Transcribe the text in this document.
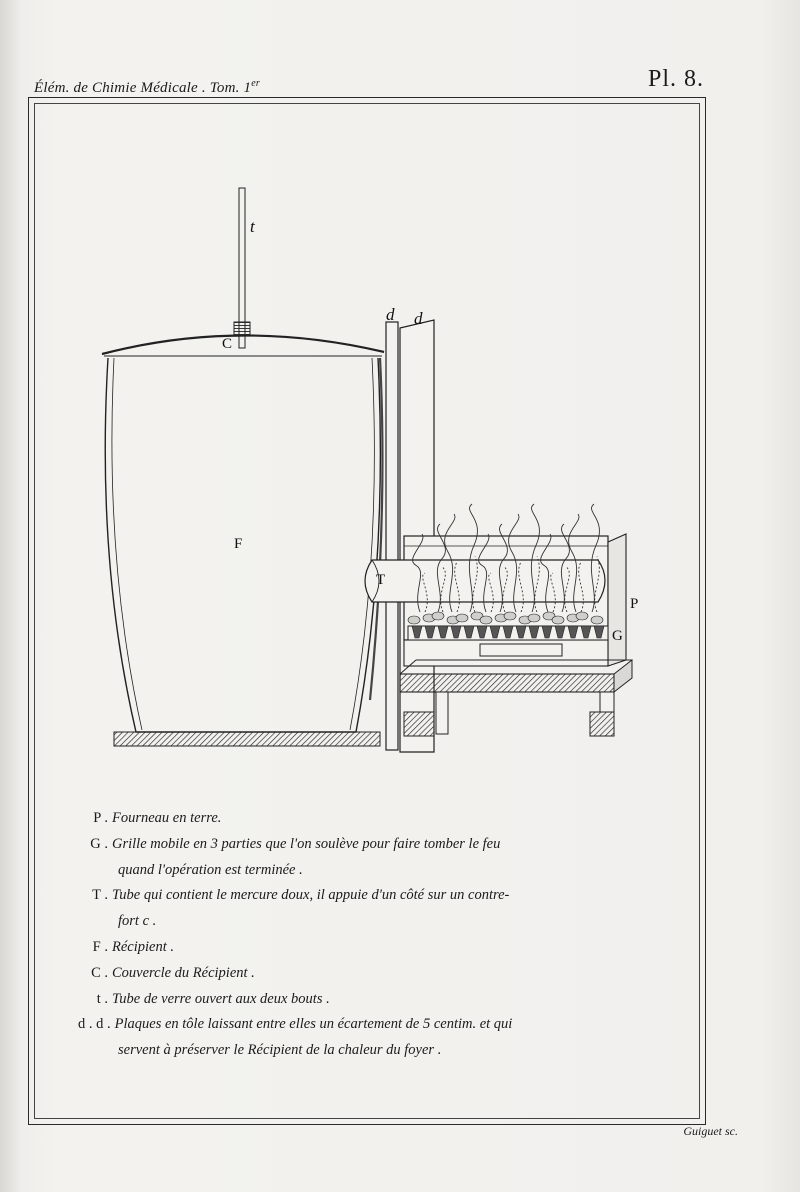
Élém. de Chimie Médicale . Tom. 1er	Pl. 8.
t
C
d d
F
T
P
G
P . Fourneau en terre.
G . Grille mobile en 3 parties que l'on soulève pour faire tomber le feu
quand l'opération est terminée .
T . Tube qui contient le mercure doux, il appuie d'un côté sur un contre-
fort c .
F . Récipient .
C . Couvercle du Récipient .
t . Tube de verre ouvert aux deux bouts .
d . d . Plaques en tôle laissant entre elles un écartement de 5 centim. et qui
servent à préserver le Récipient de la chaleur du foyer .
Guiguet sc.
